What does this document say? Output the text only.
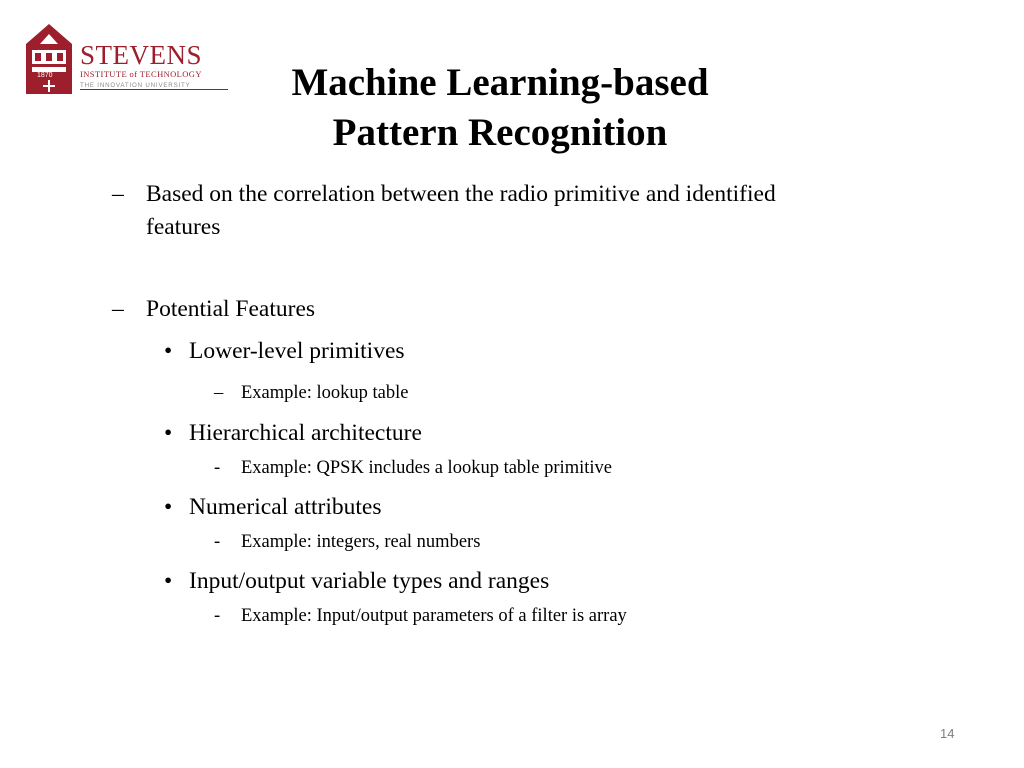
1870
STEVENS
INSTITUTE of TECHNOLOGY
THE INNOVATION UNIVERSITY	Machine Learning-based
Pattern Recognition
– Based on the correlation between the radio primitive and identified
features
– Potential Features
• Lower-level primitives
– Example: lookup table
• Hierarchical architecture
- Example: QPSK includes a lookup table primitive
• Numerical attributes
- Example: integers, real numbers
• Input/output variable types and ranges
- Example: Input/output parameters of a filter is array
14
